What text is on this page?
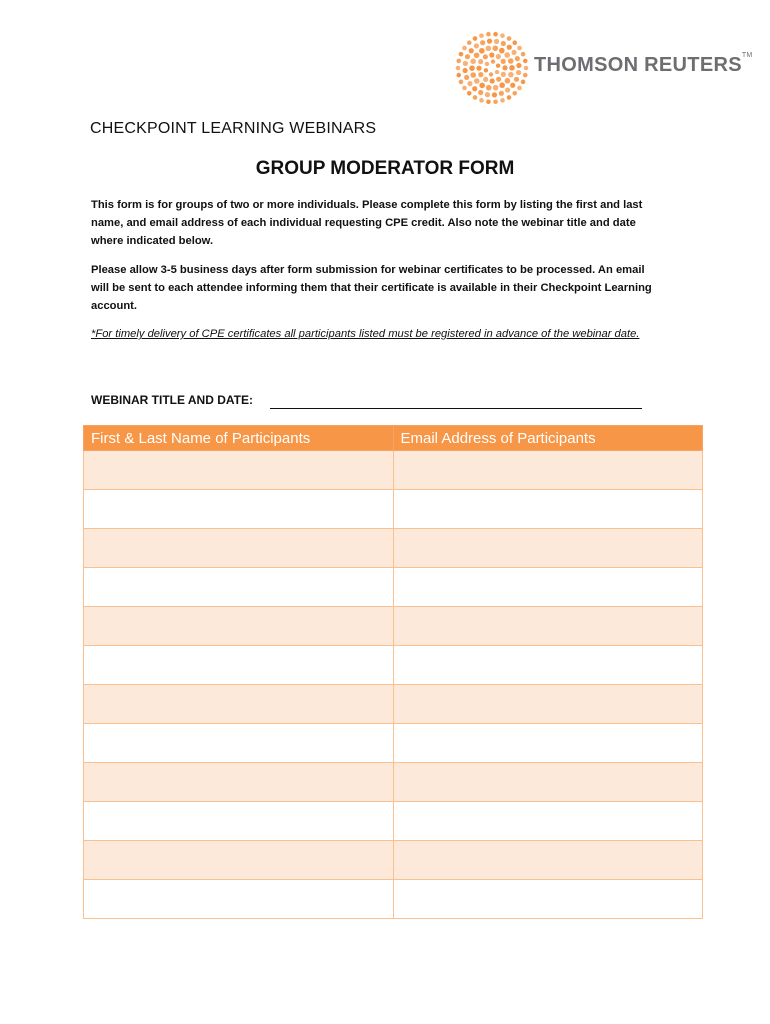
THOMSON REUTERS™
CHECKPOINT LEARNING WEBINARS
GROUP MODERATOR FORM
This form is for groups of two or more individuals. Please complete this form by listing the first and last name, and email address of each individual requesting CPE credit. Also note the webinar title and date where indicated below.
Please allow 3-5 business days after form submission for webinar certificates to be processed. An email will be sent to each attendee informing them that their certificate is available in their Checkpoint Learning account.
*For timely delivery of CPE certificates all participants listed must be registered in advance of the webinar date.
WEBINAR TITLE AND DATE:
First & Last Name of Participants	Email Address of Participants
